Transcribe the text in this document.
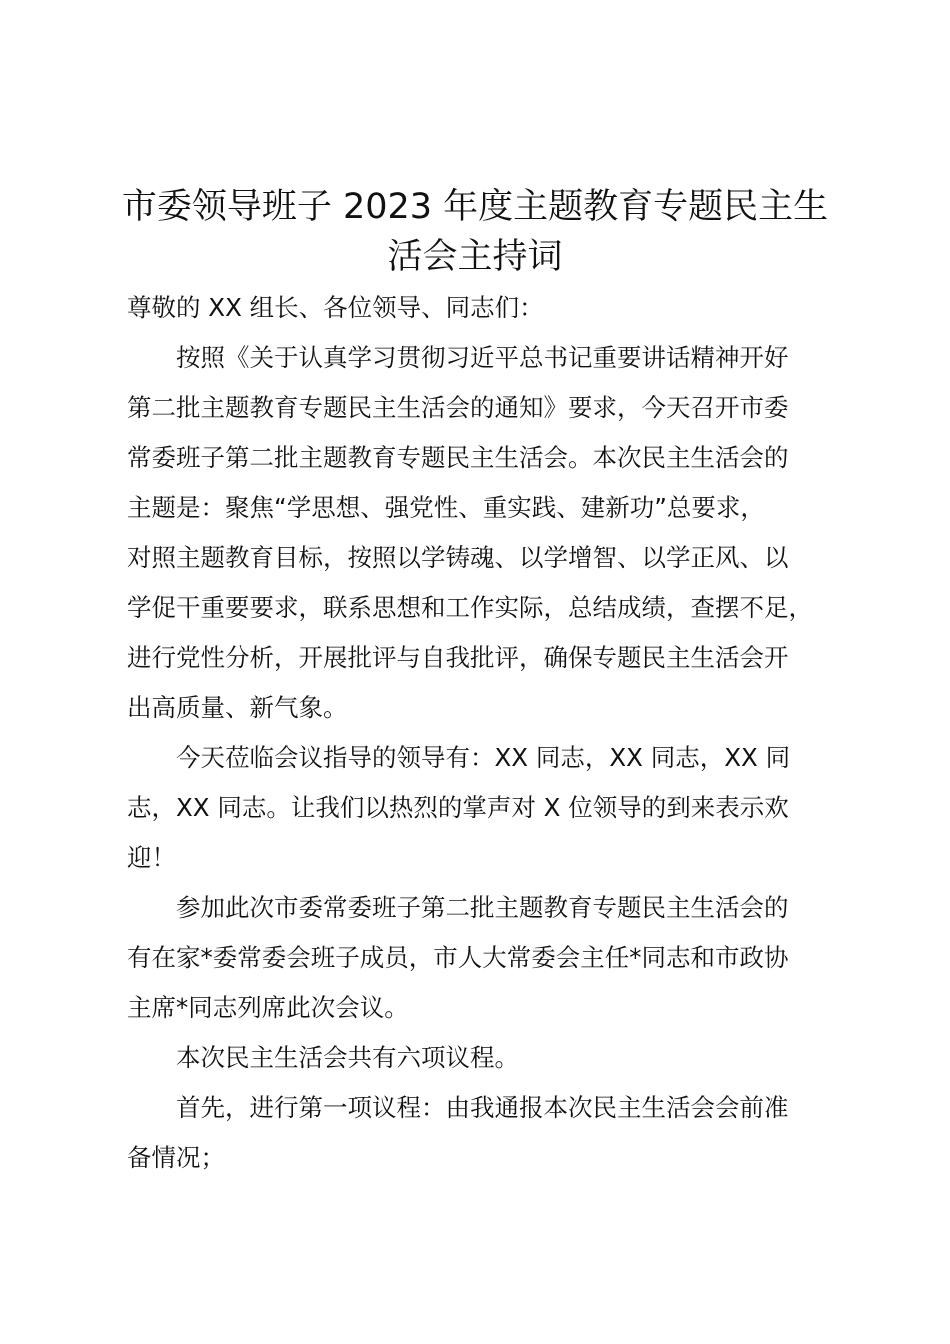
市委领导班子 2023 年度主题教育专题民主生
活会主持词
尊敬的 XX 组长、各位领导、同志们：
按照《关于认真学习贯彻习近平总书记重要讲话精神开好
第二批主题教育专题民主生活会的通知》要求，今天召开市委
常委班子第二批主题教育专题民主生活会。本次民主生活会的
主题是：聚焦“学思想、强党性、重实践、建新功”总要求，
对照主题教育目标，按照以学铸魂、以学增智、以学正风、以
学促干重要要求，联系思想和工作实际，总结成绩，查摆不足，
进行党性分析，开展批评与自我批评，确保专题民主生活会开
出高质量、新气象。
今天莅临会议指导的领导有：XX 同志，XX 同志，XX 同
志，XX 同志。让我们以热烈的掌声对 X 位领导的到来表示欢
迎！
参加此次市委常委班子第二批主题教育专题民主生活会的
有在家*委常委会班子成员，市人大常委会主任*同志和市政协
主席*同志列席此次会议。
本次民主生活会共有六项议程。
首先，进行第一项议程：由我通报本次民主生活会会前准
备情况；
